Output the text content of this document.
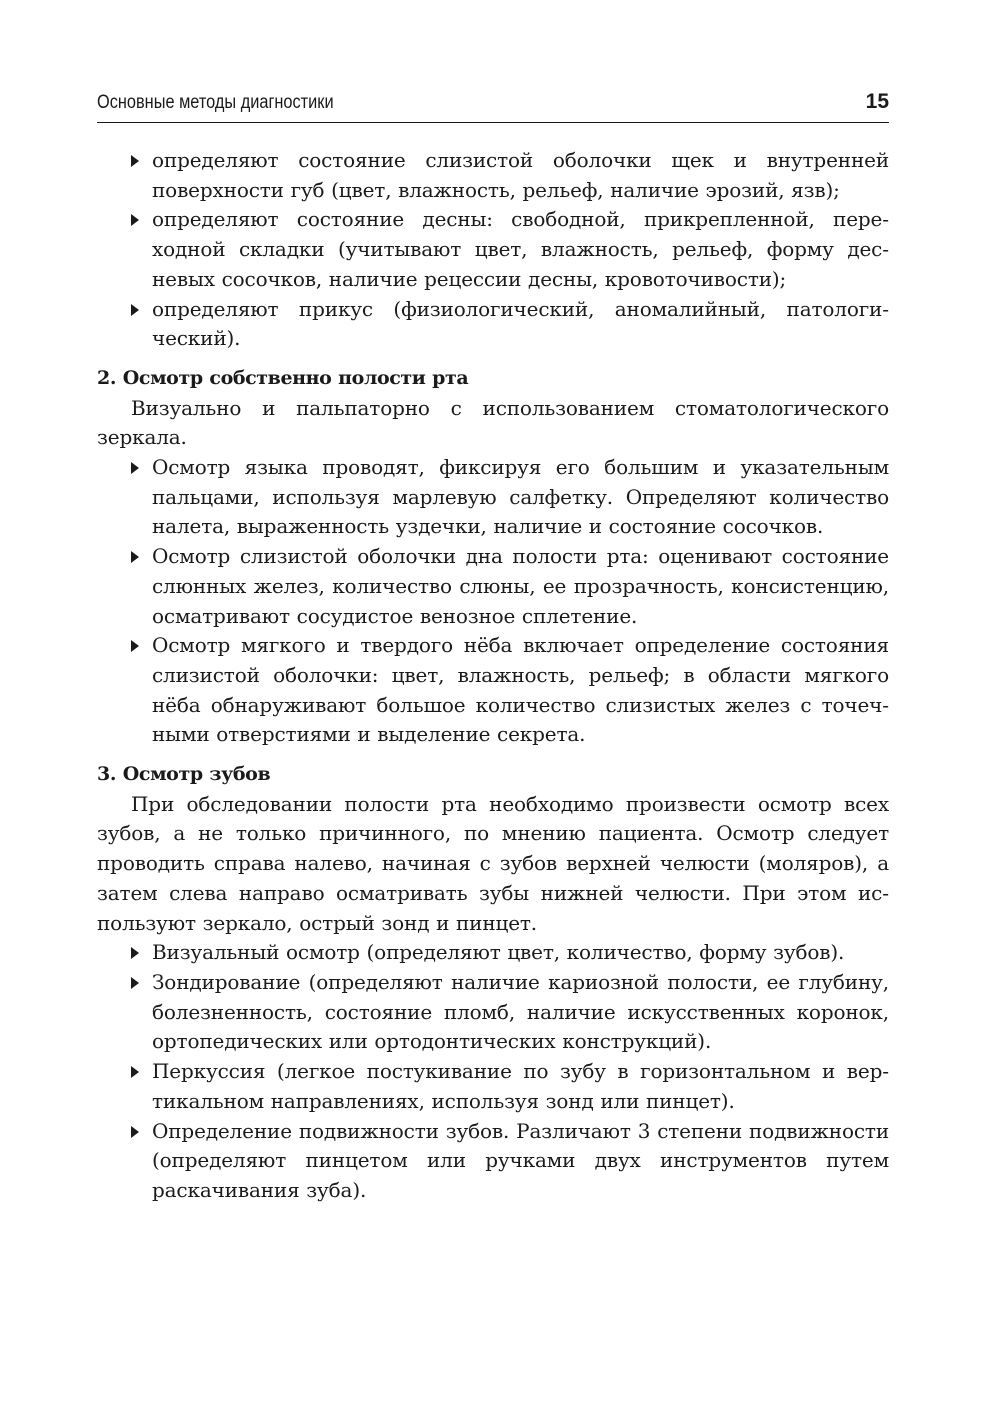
Основные методы диагностики	15
определяют состояние слизистой оболочки щек и внутренней поверхности губ (цвет, влажность, рельеф, наличие эрозий, язв);
определяют состояние десны: свободной, прикрепленной, переходной складки (учитывают цвет, влажность, рельеф, форму десневых сосочков, наличие рецессии десны, кровоточивости);
определяют прикус (физиологический, аномалийный, патологический).
2. Осмотр собственно полости рта
Визуально и пальпаторно с использованием стоматологического зеркала.
Осмотр языка проводят, фиксируя его большим и указательным пальцами, используя марлевую салфетку. Определяют количество налета, выраженность уздечки, наличие и состояние сосочков.
Осмотр слизистой оболочки дна полости рта: оценивают состояние слюнных желез, количество слюны, ее прозрачность, консистенцию, осматривают сосудистое венозное сплетение.
Осмотр мягкого и твердого нёба включает определение состояния слизистой оболочки: цвет, влажность, рельеф; в области мягкого нёба обнаруживают большое количество слизистых желез с точечными отверстиями и выделение секрета.
3. Осмотр зубов
При обследовании полости рта необходимо произвести осмотр всех зубов, а не только причинного, по мнению пациента. Осмотр следует проводить справа налево, начиная с зубов верхней челюсти (моляров), а затем слева направо осматривать зубы нижней челюсти. При этом используют зеркало, острый зонд и пинцет.
Визуальный осмотр (определяют цвет, количество, форму зубов).
Зондирование (определяют наличие кариозной полости, ее глубину, болезненность, состояние пломб, наличие искусственных коронок, ортопедических или ортодонтических конструкций).
Перкуссия (легкое постукивание по зубу в горизонтальном и вертикальном направлениях, используя зонд или пинцет).
Определение подвижности зубов. Различают 3 степени подвижности (определяют пинцетом или ручками двух инструментов путем раскачивания зуба).
